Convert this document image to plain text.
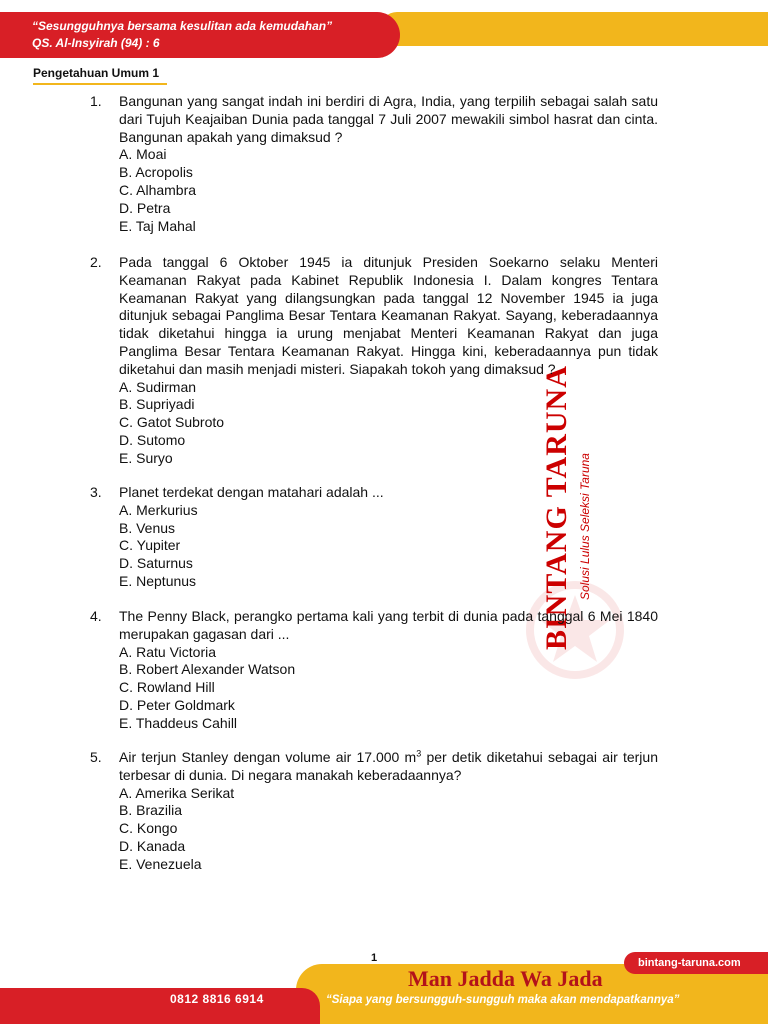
“Sesungguhnya bersama kesulitan ada kemudahan”
QS. Al-Insyirah (94) : 6
Pengetahuan Umum 1
BINTANG TARUNA Solusi Lulus Seleksi Taruna
1. Bangunan yang sangat indah ini berdiri di Agra, India, yang terpilih sebagai salah satu dari Tujuh Keajaiban Dunia pada tanggal 7 Juli 2007 mewakili simbol hasrat dan cinta. Bangunan apakah yang dimaksud ?
A. Moai
B. Acropolis
C. Alhambra
D. Petra
E. Taj Mahal
2. Pada tanggal 6 Oktober 1945 ia ditunjuk Presiden Soekarno selaku Menteri Keamanan Rakyat pada Kabinet Republik Indonesia I. Dalam kongres Tentara Keamanan Rakyat yang dilangsungkan pada tanggal 12 November 1945 ia juga ditunjuk sebagai Panglima Besar Tentara Keamanan Rakyat. Sayang, keberadaannya tidak diketahui hingga ia urung menjabat Menteri Keamanan Rakyat dan juga Panglima Besar Tentara Keamanan Rakyat. Hingga kini, keberadaannya pun tidak diketahui dan masih menjadi misteri. Siapakah tokoh yang dimaksud ?
A. Sudirman
B. Supriyadi
C. Gatot Subroto
D. Sutomo
E. Suryo
3. Planet terdekat dengan matahari adalah ...
A. Merkurius
B. Venus
C. Yupiter
D. Saturnus
E. Neptunus
4. The Penny Black, perangko pertama kali yang terbit di dunia pada tanggal 6 Mei 1840 merupakan gagasan dari ...
A. Ratu Victoria
B. Robert Alexander Watson
C. Rowland Hill
D. Peter Goldmark
E. Thaddeus Cahill
5. Air terjun Stanley dengan volume air 17.000 $m^3$ per detik diketahui sebagai air terjun terbesar di dunia. Di negara manakah keberadaannya?
A. Amerika Serikat
B. Brazilia
C. Kongo
D. Kanada
E. Venezuela
1	bintang-taruna.com
Man Jadda Wa Jada
0812 8816 6914	“Siapa yang bersungguh-sungguh maka akan mendapatkannya”
